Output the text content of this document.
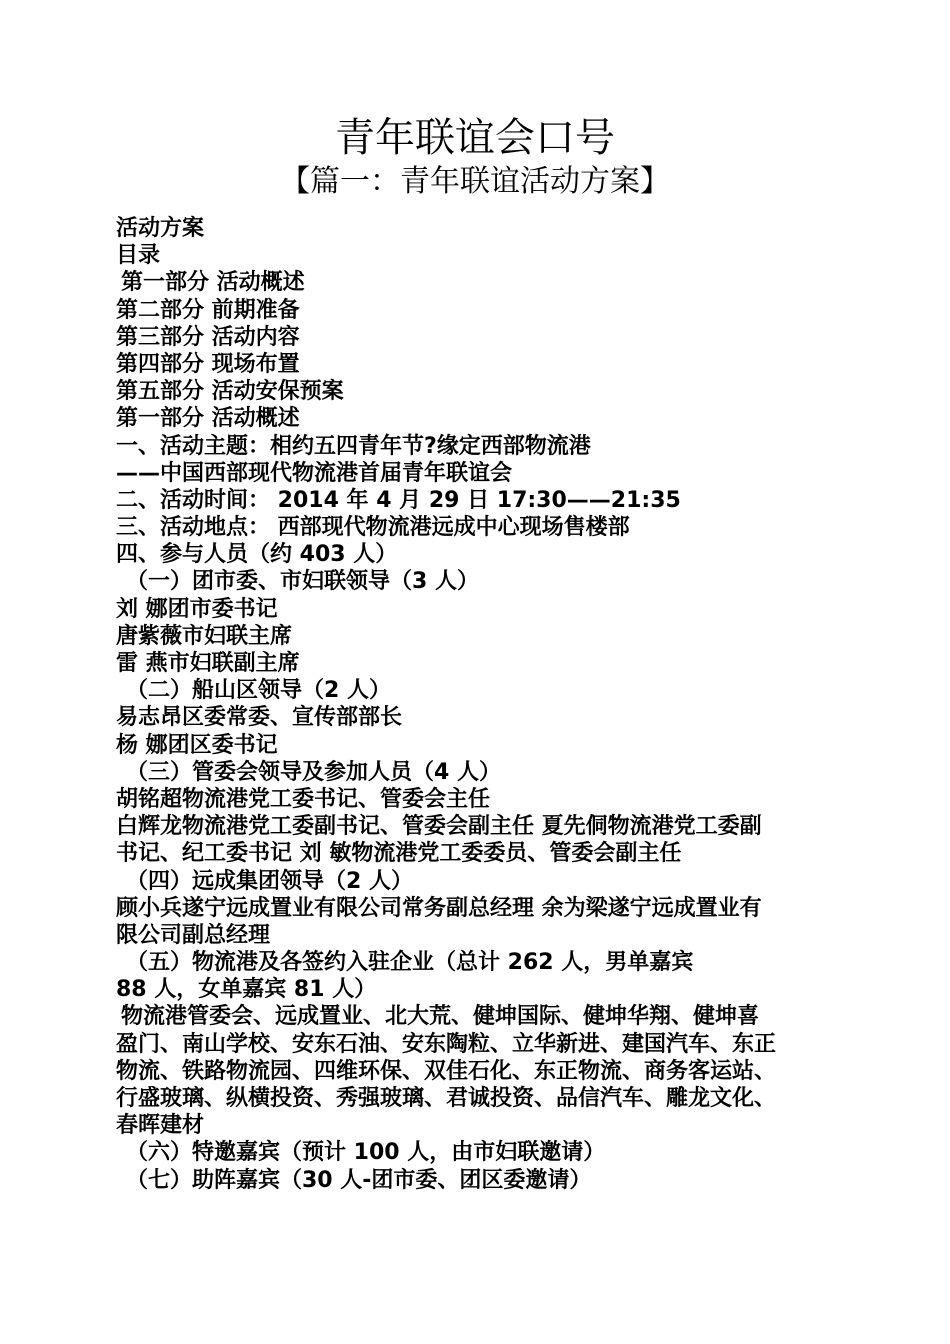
青年联谊会口号
【篇一：青年联谊活动方案】
活动方案
目录
第一部分 活动概述
第二部分 前期准备
第三部分 活动内容
第四部分 现场布置
第五部分 活动安保预案
第一部分 活动概述
一、活动主题：相约五四青年节?缘定西部物流港
——中国西部现代物流港首届青年联谊会
二、活动时间： 2014 年 4 月 29 日 17:30——21:35
三、活动地点： 西部现代物流港远成中心现场售楼部
四、参与人员（约 403 人）
（一）团市委、市妇联领导（3 人）
刘 娜团市委书记
唐紫薇市妇联主席
雷 燕市妇联副主席
（二）船山区领导（2 人）
易志昂区委常委、宣传部部长
杨 娜团区委书记
（三）管委会领导及参加人员（4 人）
胡铭超物流港党工委书记、管委会主任
白辉龙物流港党工委副书记、管委会副主任 夏先侗物流港党工委副
书记、纪工委书记 刘 敏物流港党工委委员、管委会副主任
（四）远成集团领导（2 人）
顾小兵遂宁远成置业有限公司常务副总经理 余为梁遂宁远成置业有
限公司副总经理
（五）物流港及各签约入驻企业（总计 262 人，男单嘉宾
88 人，女单嘉宾 81 人）
物流港管委会、远成置业、北大荒、健坤国际、健坤华翔、健坤喜
盈门、南山学校、安东石油、安东陶粒、立华新进、建国汽车、东正
物流、铁路物流园、四维环保、双佳石化、东正物流、商务客运站、
行盛玻璃、纵横投资、秀强玻璃、君诚投资、品信汽车、雕龙文化、
春晖建材
（六）特邀嘉宾（预计 100 人，由市妇联邀请）
（七）助阵嘉宾（30 人-团市委、团区委邀请）
